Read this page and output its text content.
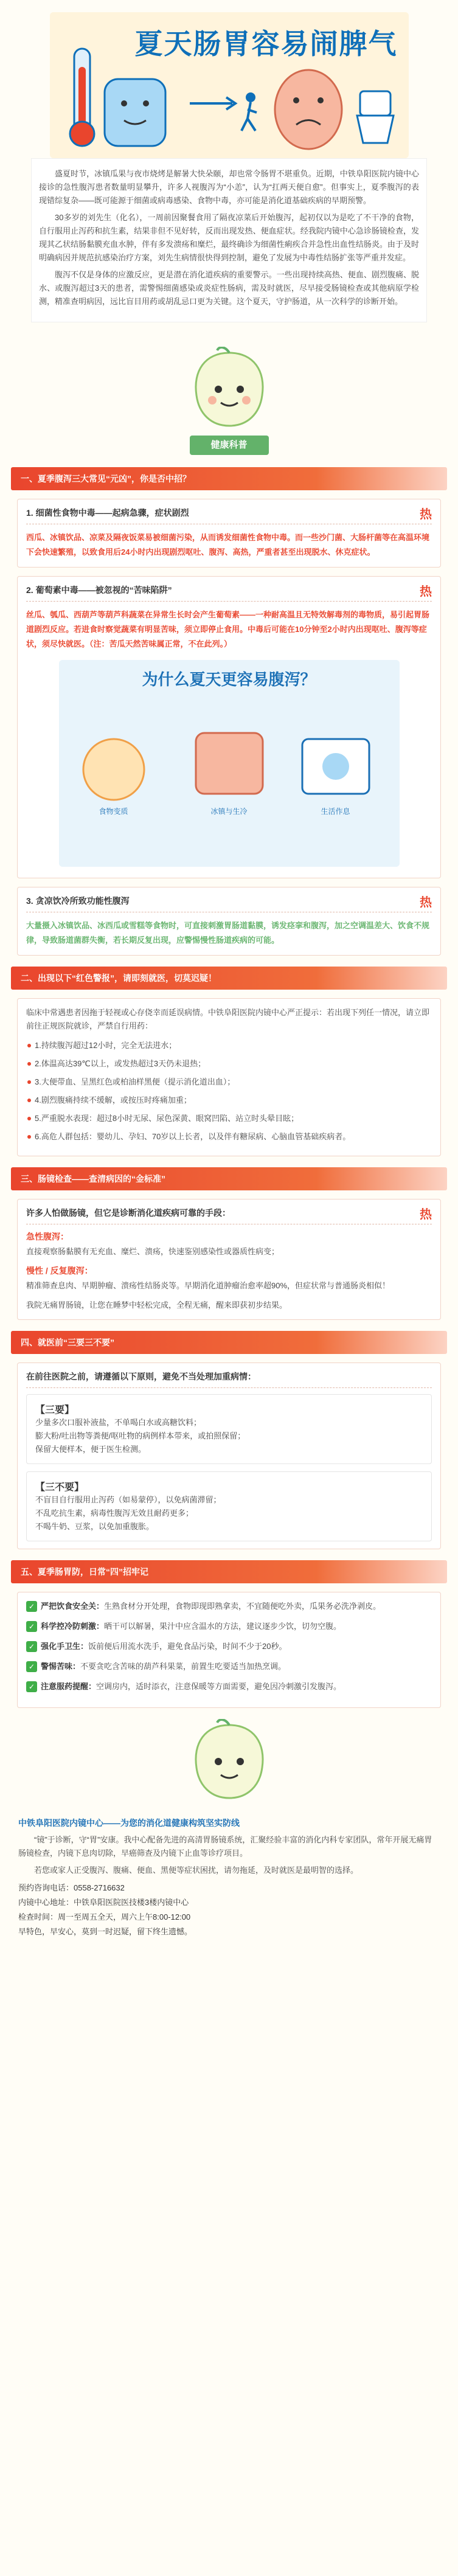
夏天肠胃容易闹脾气

盛夏时节，冰镇瓜果与夜市烧烤是解暑大快朵颐，却也常令肠胃不堪重负。近期，中铁阜阳医院内镜中心接诊的急性腹泻患者数量明显攀升，许多人视腹泻为“小恙”，认为“扛两天便自愈”。但事实上，夏季腹泻的表现错综复杂——既可能源于细菌或病毒感染、食物中毒，亦可能是消化道基础疾病的早期预警。

30多岁的刘先生（化名），一周前因聚餐食用了隔夜凉菜后开始腹泻，起初仅以为是吃了不干净的食物，自行服用止泻药和抗生素，结果非但不见好转，反而出现发热、便血症状。经我院内镜中心急诊肠镜检查，发现其乙状结肠黏膜充血水肿，伴有多发溃疡和糜烂，最终确诊为细菌性痢疾合并急性出血性结肠炎。由于及时明确病因并规范抗感染治疗方案，刘先生病情很快得到控制，避免了发展为中毒性结肠扩张等严重并发症。

腹泻不仅是身体的应激反应，更是潜在消化道疾病的重要警示。一些出现持续高热、便血、剧烈腹痛、脱水、或腹泻超过3天的患者，需警惕细菌感染或炎症性肠病，需及时就医，尽早接受肠镜检查或其他病原学检测，精准查明病因，远比盲目用药或胡乱忌口更为关键。这个夏天，守护肠道，从一次科学的诊断开始。

健康科普
一、夏季腹泻三大常见“元凶”，你是否中招？
热
1. 细菌性食物中毒——起病急骤，症状剧烈
西瓜、冰镇饮品、凉菜及隔夜饭菜易被细菌污染，从而诱发细菌性食物中毒。而一些沙门菌、大肠杆菌等在高温环境下会快速繁殖，以致食用后24小时内出现剧烈呕吐、腹泻、高热，严重者甚至出现脱水、休克症状。
热
2. 葡萄素中毒——被忽视的“苦味陷阱”
丝瓜、瓠瓜、西葫芦等葫芦科蔬菜在异常生长时会产生葡萄素——一种耐高温且无特效解毒剂的毒物质，易引起胃肠道剧烈反应。若进食时察觉蔬菜有明显苦味，须立即停止食用。中毒后可能在10分钟至2小时内出现呕吐、腹泻等症状，须尽快就医。（注：苦瓜天然苦味属正常，不在此列。）
为什么夏天更容易腹泻？
食物变质	冰镇与生冷	生活作息
热
3. 贪凉饮冷所致功能性腹泻
大量摄入冰镇饮品、冰西瓜或雪糕等食物时，可直接刺激胃肠道黏膜，诱发痉挛和腹泻，加之空调温差大、饮食不规律，导致肠道菌群失衡，若长期反复出现，应警惕慢性肠道疾病的可能。
二、出现以下“红色警报”，请即刻就医，切莫迟疑！
临床中常遇患者因拖于轻视或心存侥幸而延误病情。中铁阜阳医院内镜中心严正提示：若出现下列任一情况，请立即前往正规医院就诊，严禁自行用药：
1.持续腹泻超过12小时，完全无法进水；
2.体温高达39℃以上，或发热超过3天仍未退热；
3.大便带血、呈黑红色或柏油样黑便（提示消化道出血）；
4.剧烈腹痛持续不缓解，或按压时疼痛加重；
5.严重脱水表现：超过8小时无尿、尿色深黄、眼窝凹陷、站立时头晕目眩；
6.高危人群包括：婴幼儿、孕妇、70岁以上长者，以及伴有糖尿病、心脑血管基础疾病者。
三、肠镜检查——查清病因的“金标准”
热
许多人怕做肠镜，但它是诊断消化道疾病可靠的手段：
急性腹泻：
直接观察肠黏膜有无充血、糜烂、溃疡，快速鉴别感染性或器质性病变；
慢性 / 反复腹泻：
精准筛查息肉、早期肿瘤、溃疡性结肠炎等。早期消化道肿瘤治愈率超90%，但症状常与普通肠炎相似！
我院无痛胃肠镜，让您在睡梦中轻松完成，全程无痛，醒来即获初步结果。
四、就医前“三要三不要”
在前往医院之前，请遵循以下原则，避免不当处理加重病情：
【三要】
少量多次口服补液盐，不单喝白水或高糖饮料；
膨大粉/吐出物等粪便/呕吐物的病例样本带来，或拍照保留；
保留大便样本，便于医生检测。
【三不要】
不盲目自行服用止泻药（如易蒙停），以免病菌滞留；
不乱吃抗生素，病毒性腹泻无效且耐药更多；
不喝牛奶、豆浆，以免加重腹胀。
五、夏季肠胃防，日常“四”招牢记
✓ 严把饮食安全关：生熟食材分开处理，食物即现即熟拿卖，不宜随便吃外卖，瓜果务必洗净剥皮。
✓ 科学控冷防刺激：晒干可以解暑，果汁中应含温水的方法，建议逐步少饮，切勿空腹。
✓ 强化手卫生：饭前便后用流水洗手，避免食品污染，时间不少于20秒。
✓ 警惕苦味：不要贪吃含苦味的葫芦科果菜，前置生吃要适当加热烹调。
✓ 注意服药提醒：空调房内，适时添衣，注意保暖等方面需要，避免因冷刺激引发腹泻。
中铁阜阳医院内镜中心——为您的消化道健康构筑坚实防线

“镜”于诊断，守“胃”安康。我中心配备先进的高清胃肠镜系统，汇聚经验丰富的消化内科专家团队，常年开展无痛胃肠镜检查，内镜下息肉切除，早癌筛查及内镜下止血等诊疗项目。

若您或家人正受腹泻、腹痛、便血、黑便等症状困扰，请勿拖延，及时就医是最明智的选择。

预约咨询电话：0558-2716632
内镜中心地址：中铁阜阳医院医技楼3楼内镜中心
检查时间：周一至周五全天，周六上午8:00-12:00
早特色，早安心，莫到一时迟疑，留下终生遗憾。
